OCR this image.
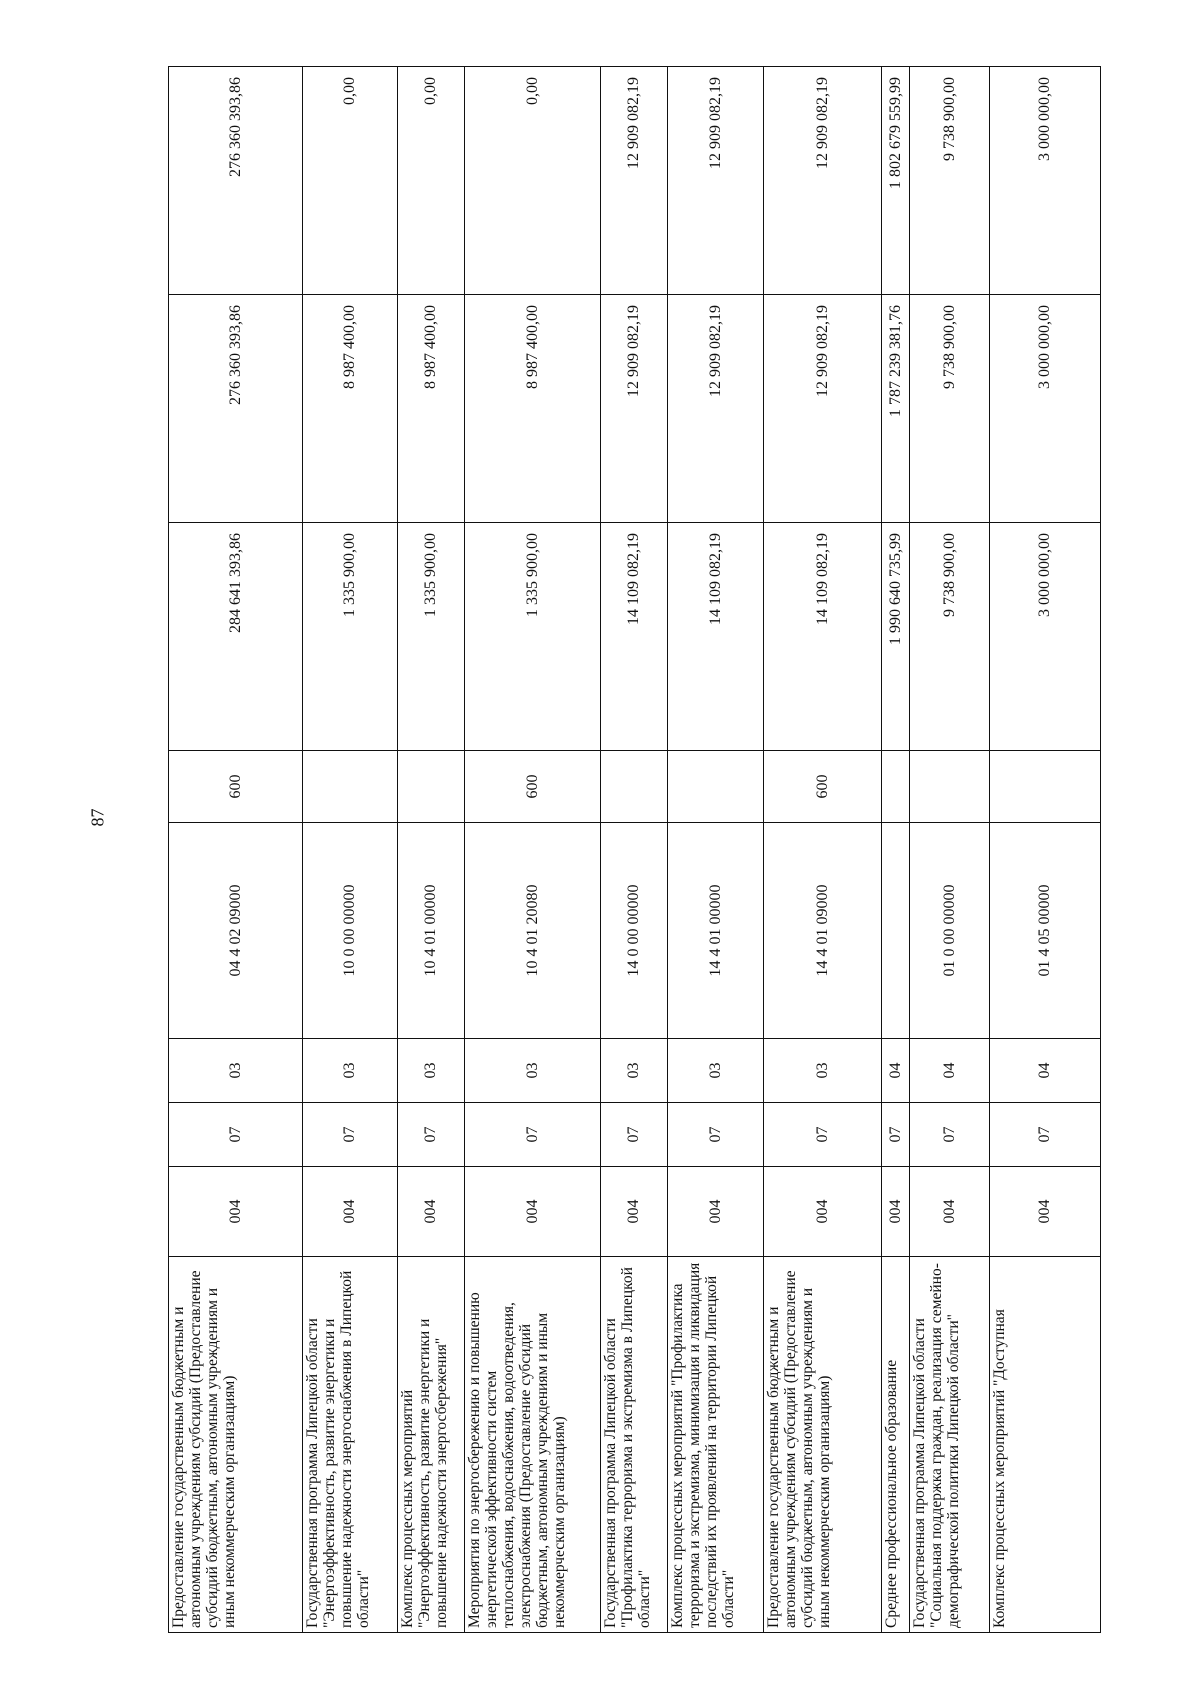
87
Предоставление государственным бюджетным и автономным учреждениям субсидий (Предоставление субсидий бюджетным, автономным учреждениям и иным некоммерческим организациям)	004	07	03	04 4 02 09000	600	284 641 393,86	276 360 393,86	276 360 393,86
Государственная программа Липецкой области "Энергоэффективность, развитие энергетики и повышение надежности энергоснабжения в Липецкой области"	004	07	03	10 0 00 00000		1 335 900,00	8 987 400,00	0,00
Комплекс процессных мероприятий "Энергоэффективность, развитие энергетики и повышение надежности энергосбережения"	004	07	03	10 4 01 00000		1 335 900,00	8 987 400,00	0,00
Мероприятия по энергосбережению и повышению энергетической эффективности систем теплоснабжения, водоснабжения, водоотведения, электроснабжения (Предоставление субсидий бюджетным, автономным учреждениям и иным некоммерческим организациям)	004	07	03	10 4 01 20080	600	1 335 900,00	8 987 400,00	0,00
Государственная программа Липецкой области "Профилактика терроризма и экстремизма в Липецкой области"	004	07	03	14 0 00 00000		14 109 082,19	12 909 082,19	12 909 082,19
Комплекс процессных мероприятий "Профилактика терроризма и экстремизма, минимизация и ликвидация последствий их проявлений на территории Липецкой области"	004	07	03	14 4 01 00000		14 109 082,19	12 909 082,19	12 909 082,19
Предоставление государственным бюджетным и автономным учреждениям субсидий (Предоставление субсидий бюджетным, автономным учреждениям и иным некоммерческим организациям)	004	07	03	14 4 01 09000	600	14 109 082,19	12 909 082,19	12 909 082,19
Среднее профессиональное образование	004	07	04			1 990 640 735,99	1 787 239 381,76	1 802 679 559,99
Государственная программа Липецкой области "Социальная поддержка граждан, реализация семейно-демографической политики Липецкой области"	004	07	04	01 0 00 00000		9 738 900,00	9 738 900,00	9 738 900,00
Комплекс процессных мероприятий "Доступная	004	07	04	01 4 05 00000		3 000 000,00	3 000 000,00	3 000 000,00
